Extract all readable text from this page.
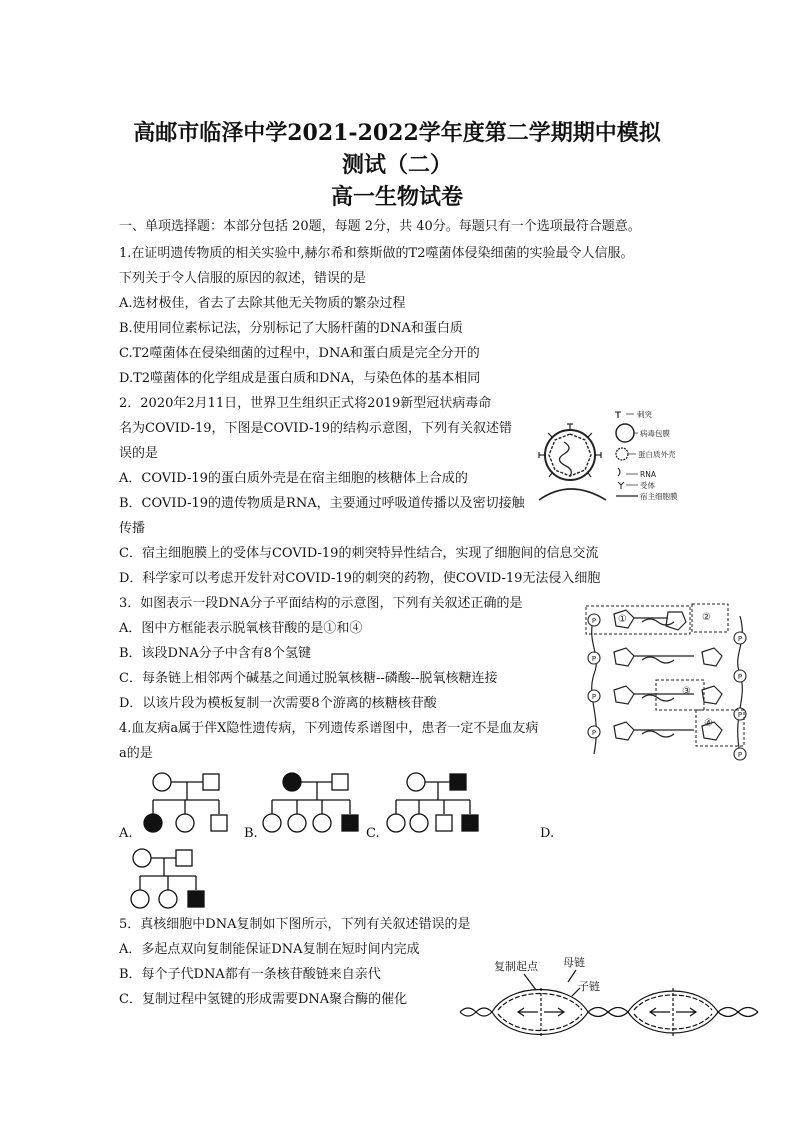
高邮市临泽中学2021-2022学年度第二学期期中模拟
测试（二）
高一生物试卷
一、单项选择题：本部分包括 20题，每题 2分，共 40分。每题只有一个选项最符合题意。
1.在证明遗传物质的相关实验中,赫尔希和蔡斯做的T2噬菌体侵染细菌的实验最令人信服。
下列关于令人信服的原因的叙述，错误的是
A.选材极佳，省去了去除其他无关物质的繁杂过程
B.使用同位素标记法，分别标记了大肠杆菌的DNA和蛋白质
C.T2噬菌体在侵染细菌的过程中，DNA和蛋白质是完全分开的
D.T2噬菌体的化学组成是蛋白质和DNA，与染色体的基本相同
2．2020年2月11日，世界卫生组织正式将2019新型冠状病毒命
名为COVID-19，下图是COVID-19的结构示意图，下列有关叙述错
误的是
A．COVID-19的蛋白质外壳是在宿主细胞的核糖体上合成的
B．COVID-19的遗传物质是RNA，主要通过呼吸道传播以及密切接触
传播
C．宿主细胞膜上的受体与COVID-19的刺突特异性结合，实现了细胞间的信息交流
D．科学家可以考虑开发针对COVID-19的刺突的药物，使COVID-19无法侵入细胞
刺突
病毒包膜
蛋白质外壳
RNA
受体
宿主细胞膜
3．如图表示一段DNA分子平面结构的示意图，下列有关叙述正确的是
A．图中方框能表示脱氧核苷酸的是①和④
B．该段DNA分子中含有8个氢键
C．每条链上相邻两个碱基之间通过脱氧核糖--磷酸--脱氧核糖连接
D．以该片段为模板复制一次需要8个游离的核糖核苷酸
P
P
P
P
P
P
P
P
①	②
③
④
4.血友病a属于伴X隐性遗传病，下列遗传系谱图中，患者一定不是血友病
a的是
A.	B.	C.	D.
5．真核细胞中DNA复制如下图所示，下列有关叙述错误的是
A．多起点双向复制能保证DNA复制在短时间内完成
B．每个子代DNA都有一条核苷酸链来自亲代
C．复制过程中氢键的形成需要DNA聚合酶的催化
复制起点 母链
子链
